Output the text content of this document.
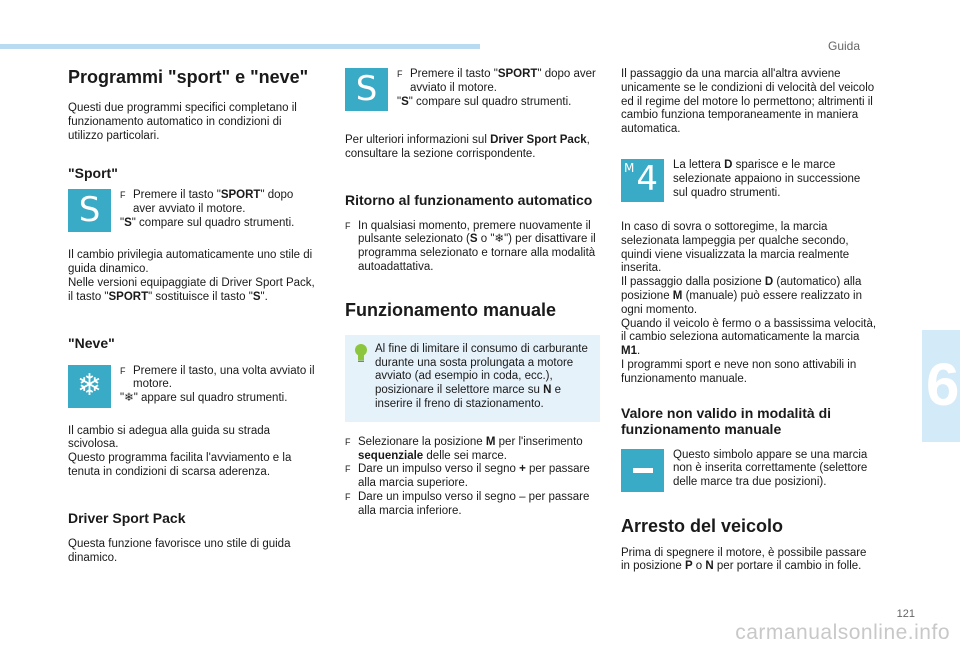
Guida
6
121
carmanualsonline.info
Programmi "sport" e "neve"

Questi due programmi specifici completano il funzionamento automatico in condizioni di utilizzo particolari.

"Sport"
S	F Premere il tasto "SPORT" dopo aver avviato il motore.

"S" compare sul quadro strumenti.

Il cambio privilegia automaticamente uno stile di guida dinamico.

Nelle versioni equipaggiate di Driver Sport Pack, il tasto "SPORT" sostituisce il tasto "S".

"Neve"
❄	F Premere il tasto, una volta avviato il motore.

"❄" appare sul quadro strumenti.

Il cambio si adegua alla guida su strada scivolosa.

Questo programma facilita l'avviamento e la tenuta in condizioni di scarsa aderenza.

Driver Sport Pack

Questa funzione favorisce uno stile di guida dinamico.

S	F Premere il tasto "SPORT" dopo aver avviato il motore.

"S" compare sul quadro strumenti.

Per ulteriori informazioni sul Driver Sport Pack, consultare la sezione corrispondente.

Ritorno al funzionamento automatico
F In qualsiasi momento, premere nuovamente il pulsante selezionato (S o "❄") per disattivare il programma selezionato e tornare alla modalità autoadattativa.
Funzionamento manuale

Al fine di limitare il consumo di carburante durante una sosta prolungata a motore avviato (ad esempio in coda, ecc.), posizionare il selettore marce su N e inserire il freno di stazionamento.

F Selezionare la posizione M per l'inserimento sequenziale delle sei marce.
F Dare un impulso verso il segno + per passare alla marcia superiore.
F Dare un impulso verso il segno – per passare alla marcia inferiore.

Il passaggio da una marcia all'altra avviene unicamente se le condizioni di velocità del veicolo ed il regime del motore lo permettono; altrimenti il cambio funziona temporaneamente in maniera automatica.

M 4 La lettera D sparisce e le marce selezionate appaiono in successione sul quadro strumenti.

In caso di sovra o sottoregime, la marcia selezionata lampeggia per qualche secondo, quindi viene visualizzata la marcia realmente inserita.

Il passaggio dalla posizione D (automatico) alla posizione M (manuale) può essere realizzato in ogni momento.

Quando il veicolo è fermo o a bassissima velocità, il cambio seleziona automaticamente la marcia M1.

I programmi sport e neve non sono attivabili in funzionamento manuale.

Valore non valido in modalità di funzionamento manuale

Questo simbolo appare se una marcia non è inserita correttamente (selettore delle marce tra due posizioni).

Arresto del veicolo

Prima di spegnere il motore, è possibile passare in posizione P o N per portare il cambio in folle.
